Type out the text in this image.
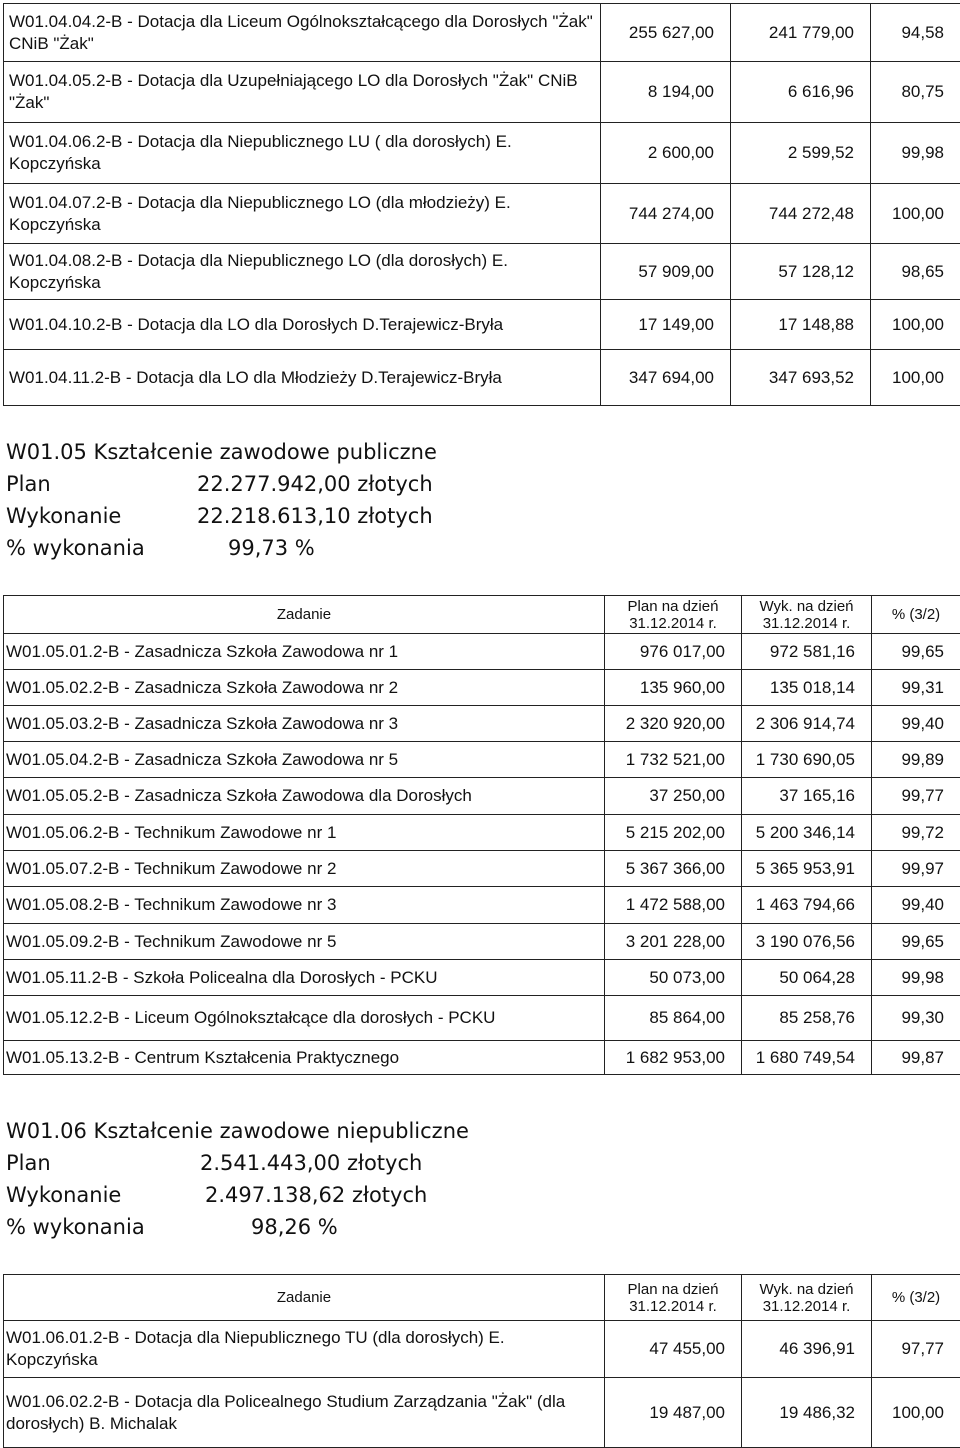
W01.04.04.2-B - Dotacja dla Liceum Ogólnokształcącego dla Dorosłych "Żak" CNiB "Żak"	255 627,00	241 779,00	94,58
W01.04.05.2-B - Dotacja dla Uzupełniającego LO dla Dorosłych "Żak" CNiB "Żak"	8 194,00	6 616,96	80,75
W01.04.06.2-B - Dotacja dla Niepublicznego LU ( dla dorosłych) E. Kopczyńska	2 600,00	2 599,52	99,98
W01.04.07.2-B - Dotacja dla Niepublicznego LO (dla młodzieży) E. Kopczyńska	744 274,00	744 272,48	100,00
W01.04.08.2-B - Dotacja dla Niepublicznego LO (dla dorosłych) E. Kopczyńska	57 909,00	57 128,12	98,65
W01.04.10.2-B - Dotacja dla LO dla Dorosłych D.Terajewicz-Bryła	17 149,00	17 148,88	100,00
W01.04.11.2-B - Dotacja dla LO dla Młodzieży D.Terajewicz-Bryła	347 694,00	347 693,52	100,00
W01.05 Kształcenie zawodowe publiczne
Plan	22.277.942,00 złotych
Wykonanie	22.218.613,10 złotych
% wykonania	99,73 %
Zadanie	Plan na dzień 31.12.2014 r.	Wyk. na dzień 31.12.2014 r.	% (3/2)
W01.05.01.2-B - Zasadnicza Szkoła Zawodowa nr 1	976 017,00	972 581,16	99,65
W01.05.02.2-B - Zasadnicza Szkoła Zawodowa nr 2	135 960,00	135 018,14	99,31
W01.05.03.2-B - Zasadnicza Szkoła Zawodowa nr 3	2 320 920,00	2 306 914,74	99,40
W01.05.04.2-B - Zasadnicza Szkoła Zawodowa nr 5	1 732 521,00	1 730 690,05	99,89
W01.05.05.2-B - Zasadnicza Szkoła Zawodowa dla Dorosłych	37 250,00	37 165,16	99,77
W01.05.06.2-B - Technikum Zawodowe nr 1	5 215 202,00	5 200 346,14	99,72
W01.05.07.2-B - Technikum Zawodowe nr 2	5 367 366,00	5 365 953,91	99,97
W01.05.08.2-B - Technikum Zawodowe nr 3	1 472 588,00	1 463 794,66	99,40
W01.05.09.2-B - Technikum Zawodowe nr 5	3 201 228,00	3 190 076,56	99,65
W01.05.11.2-B - Szkoła Policealna dla Dorosłych - PCKU	50 073,00	50 064,28	99,98
W01.05.12.2-B - Liceum Ogólnokształcące dla dorosłych - PCKU	85 864,00	85 258,76	99,30
W01.05.13.2-B - Centrum Kształcenia Praktycznego	1 682 953,00	1 680 749,54	99,87
W01.06 Kształcenie zawodowe niepubliczne
Plan	2.541.443,00 złotych
Wykonanie	2.497.138,62 złotych
% wykonania	98,26 %
Zadanie	Plan na dzień 31.12.2014 r.	Wyk. na dzień 31.12.2014 r.	% (3/2)
W01.06.01.2-B - Dotacja dla Niepublicznego TU (dla dorosłych) E. Kopczyńska	47 455,00	46 396,91	97,77
W01.06.02.2-B - Dotacja dla Policealnego Studium Zarządzania "Żak" (dla dorosłych) B. Michalak	19 487,00	19 486,32	100,00
